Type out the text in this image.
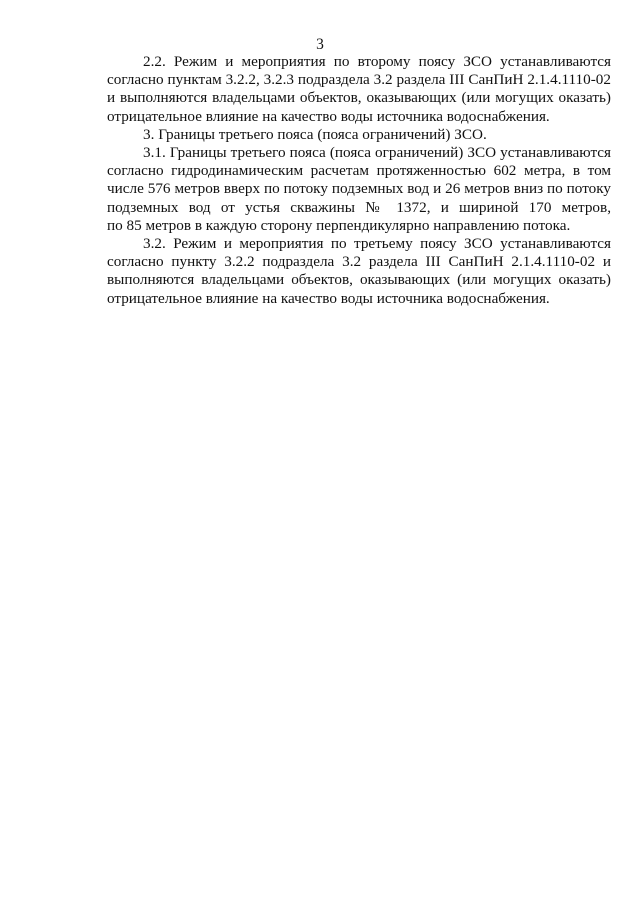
3

2.2. Режим и мероприятия по второму поясу ЗСО устанавливаются
согласно пунктам 3.2.2, 3.2.3 подраздела 3.2 раздела III СанПиН 2.1.4.1110-02
и выполняются владельцами объектов, оказывающих (или могущих оказать)
отрицательное влияние на качество воды источника водоснабжения.

3. Границы третьего пояса (пояса ограничений) ЗСО.

3.1. Границы третьего пояса (пояса ограничений) ЗСО устанавливаются
согласно гидродинамическим расчетам протяженностью 602 метра, в том
числе 576 метров вверх по потоку подземных вод и 26 метров вниз по потоку
подземных вод от устья скважины № 1372, и шириной 170 метров,
по 85 метров в каждую сторону перпендикулярно направлению потока.

3.2. Режим и мероприятия по третьему поясу ЗСО устанавливаются
согласно пункту 3.2.2 подраздела 3.2 раздела III СанПиН 2.1.4.1110-02 и
выполняются владельцами объектов, оказывающих (или могущих оказать)
отрицательное влияние на качество воды источника водоснабжения.
